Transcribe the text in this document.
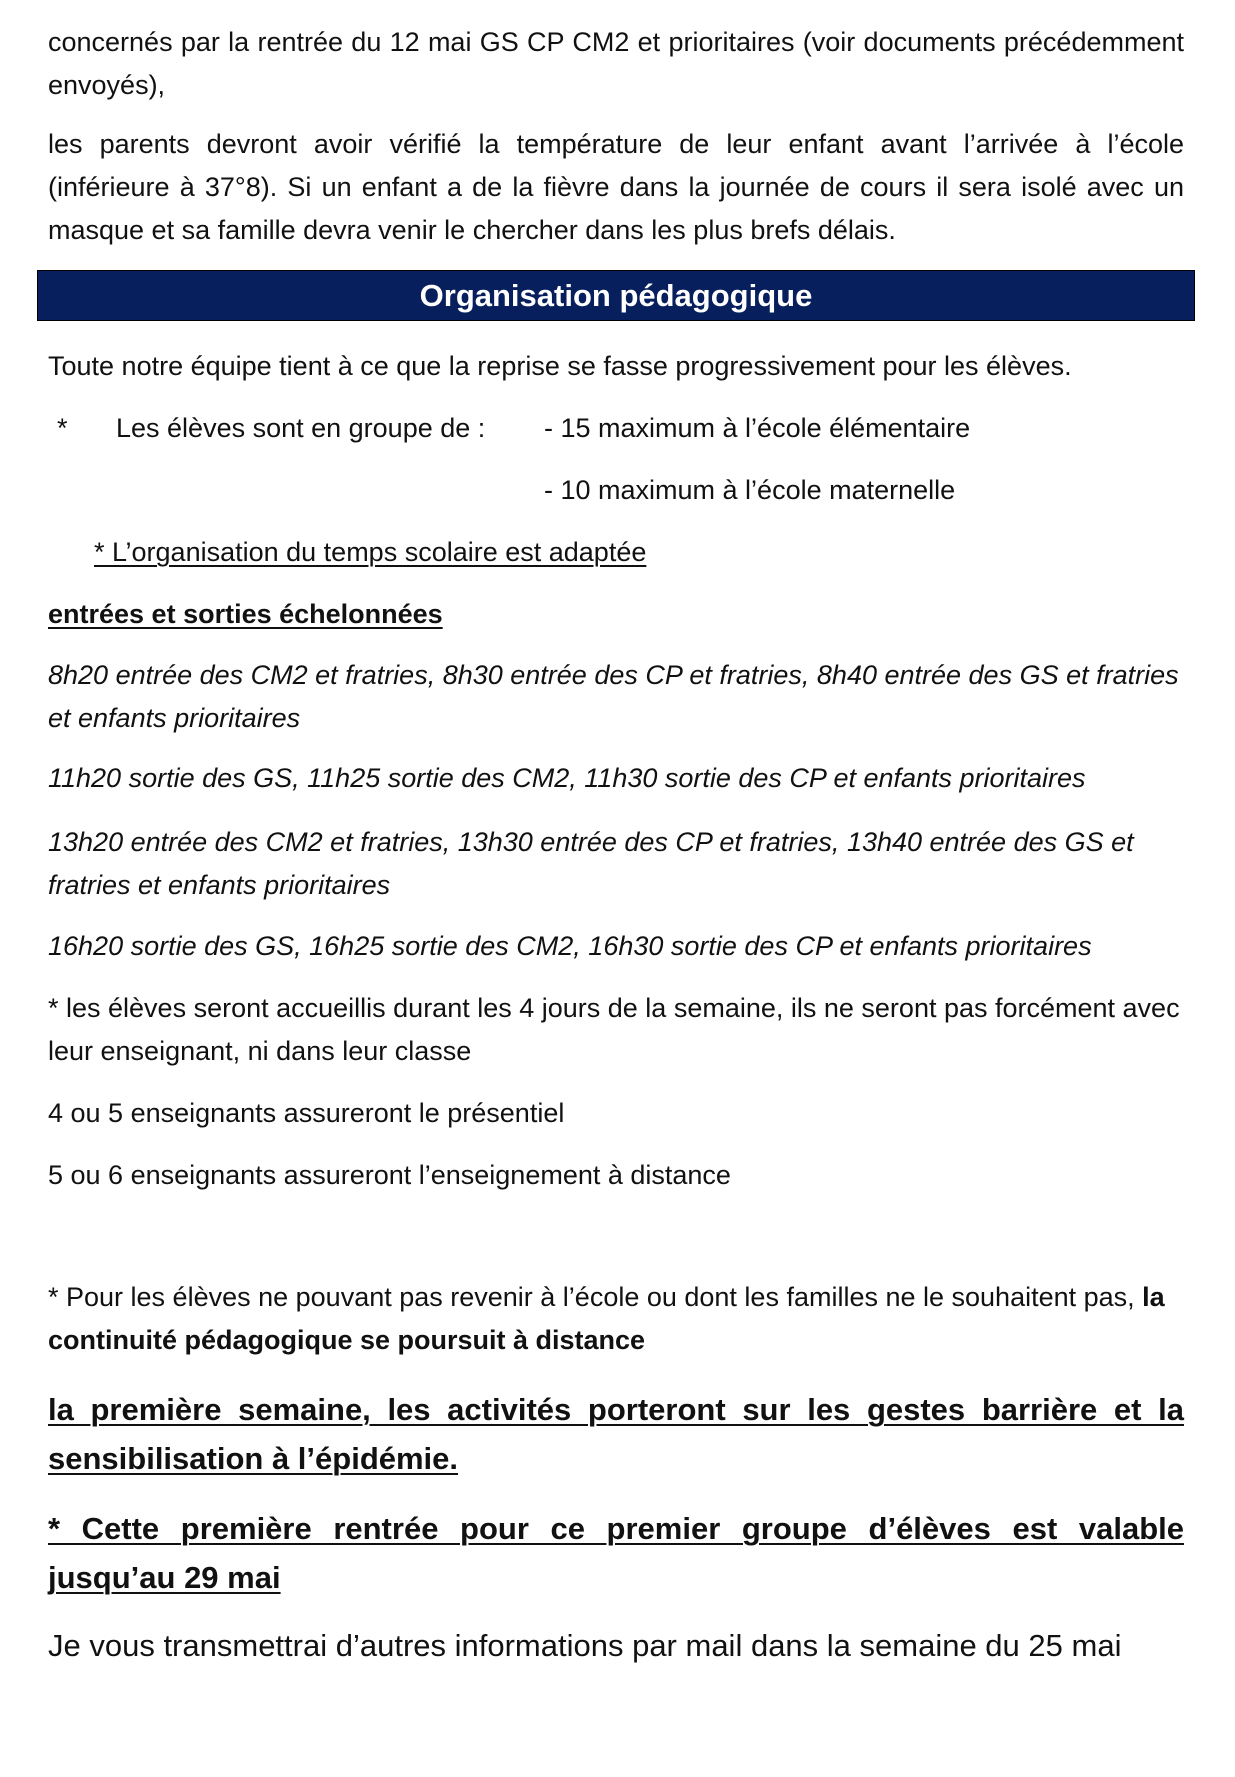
concernés par la rentrée du 12 mai GS CP CM2 et prioritaires (voir documents précédemment envoyés),

les parents devront avoir vérifié la température de leur enfant avant l’arrivée à l’école (inférieure à 37°8). Si un enfant a de la fièvre dans la journée de cours il sera isolé avec un masque et sa famille devra venir le chercher dans les plus brefs délais.

Organisation pédagogique

Toute notre équipe tient à ce que la reprise se fasse progressivement pour les élèves.

* Les élèves sont en groupe de : - 15 maximum à l’école élémentaire
- 10 maximum à l’école maternelle

* L’organisation du temps scolaire est adaptée

entrées et sorties échelonnées

8h20 entrée des CM2 et fratries, 8h30 entrée des CP et fratries, 8h40 entrée des GS et fratries et enfants prioritaires

11h20 sortie des GS, 11h25 sortie des CM2, 11h30 sortie des CP et enfants prioritaires

13h20 entrée des CM2 et fratries, 13h30 entrée des CP et fratries, 13h40 entrée des GS et fratries et enfants prioritaires

16h20 sortie des GS, 16h25 sortie des CM2, 16h30 sortie des CP et enfants prioritaires

* les élèves seront accueillis durant les 4 jours de la semaine, ils ne seront pas forcément avec leur enseignant, ni dans leur classe

4 ou 5 enseignants assureront le présentiel

5 ou 6 enseignants assureront l’enseignement à distance

* Pour les élèves ne pouvant pas revenir à l’école ou dont les familles ne le souhaitent pas, la continuité pédagogique se poursuit à distance

la première semaine, les activités porteront sur les gestes barrière et la sensibilisation à l’épidémie.

* Cette première rentrée pour ce premier groupe d’élèves est valable jusqu’au 29 mai

Je vous transmettrai d’autres informations par mail dans la semaine du 25 mai
